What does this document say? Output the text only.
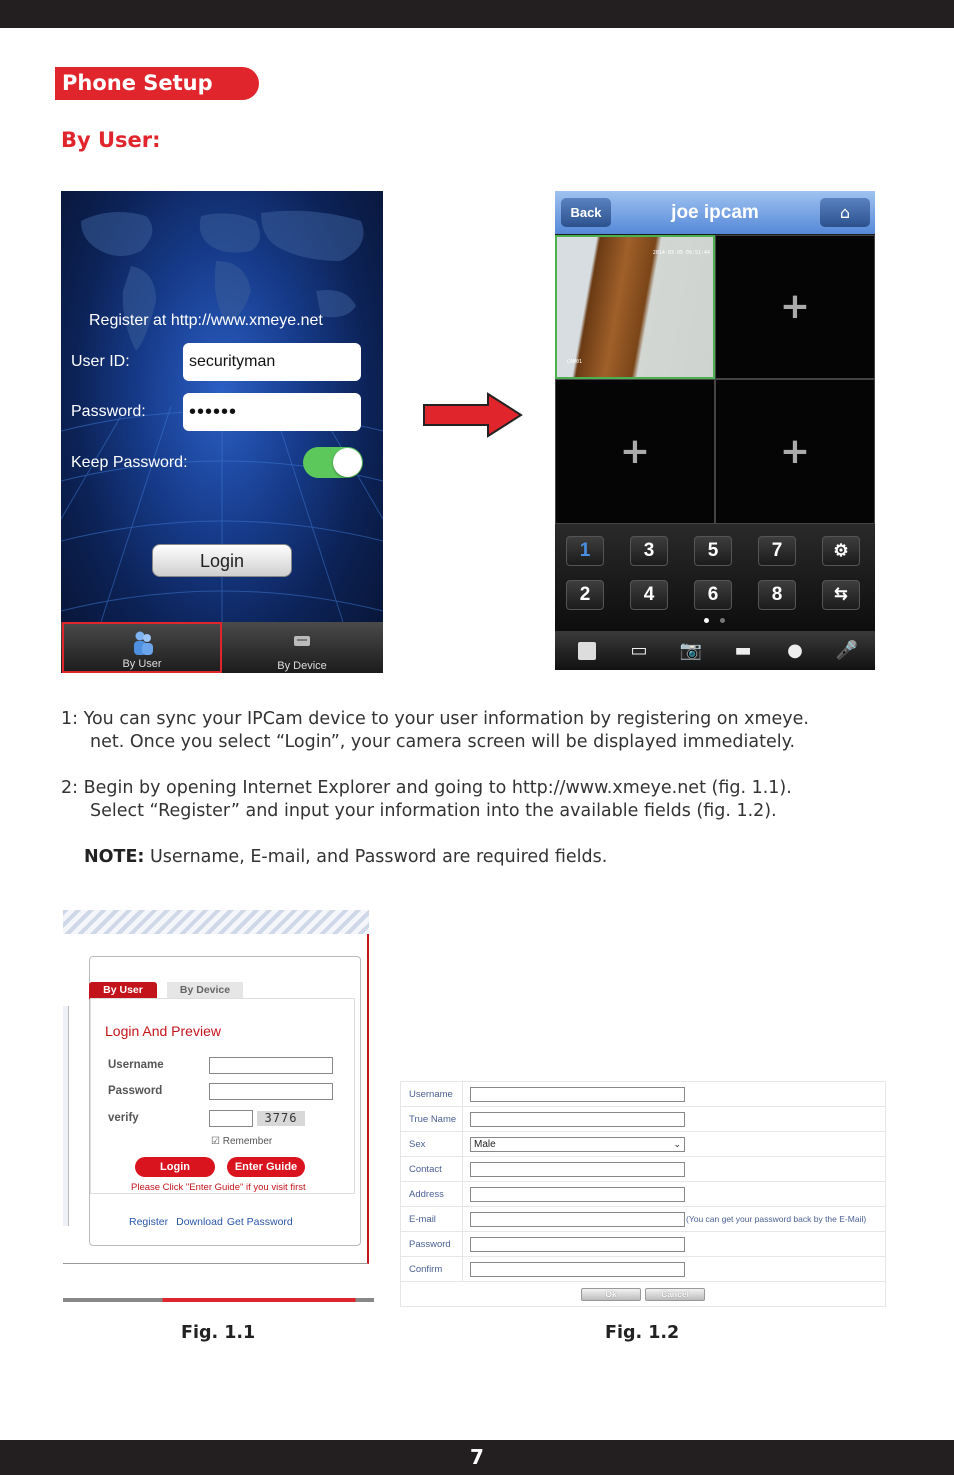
Phone Setup
By User:
Register at http://www.xmeye.net
User ID:	securityman
Password:	••••••
Keep Password:
Login
By User	By Device
joe ipcam
Back	⌂
2014-03-05 09:51:44
CAM01
+
+	+
1	3	5	7	⚙
2	4	6	8	⇆
▭ 📷 ▬ ● 🎤
1: You can sync your IPCam device to your user information by registering on xmeye.
net. Once you select “Login”, your camera screen will be displayed immediately.
2: Begin by opening Internet Explorer and going to http://www.xmeye.net (fig. 1.1).
Select “Register” and input your information into the available fields (fig. 1.2).
NOTE: Username, E-mail, and Password are required fields.
By User	By Device
Login And Preview
Username
Password
verify	3776
☑ Remember
Login	Enter Guide
Please Click "Enter Guide" if you visit first
Register Download Get Password
Fig. 1.1
Username
True Name
Sex	Male	⌄
Contact
Address
E-mail	(You can get your password back by the E-Mail)
Password
Confirm
Ok	Cancel
Fig. 1.2
7
